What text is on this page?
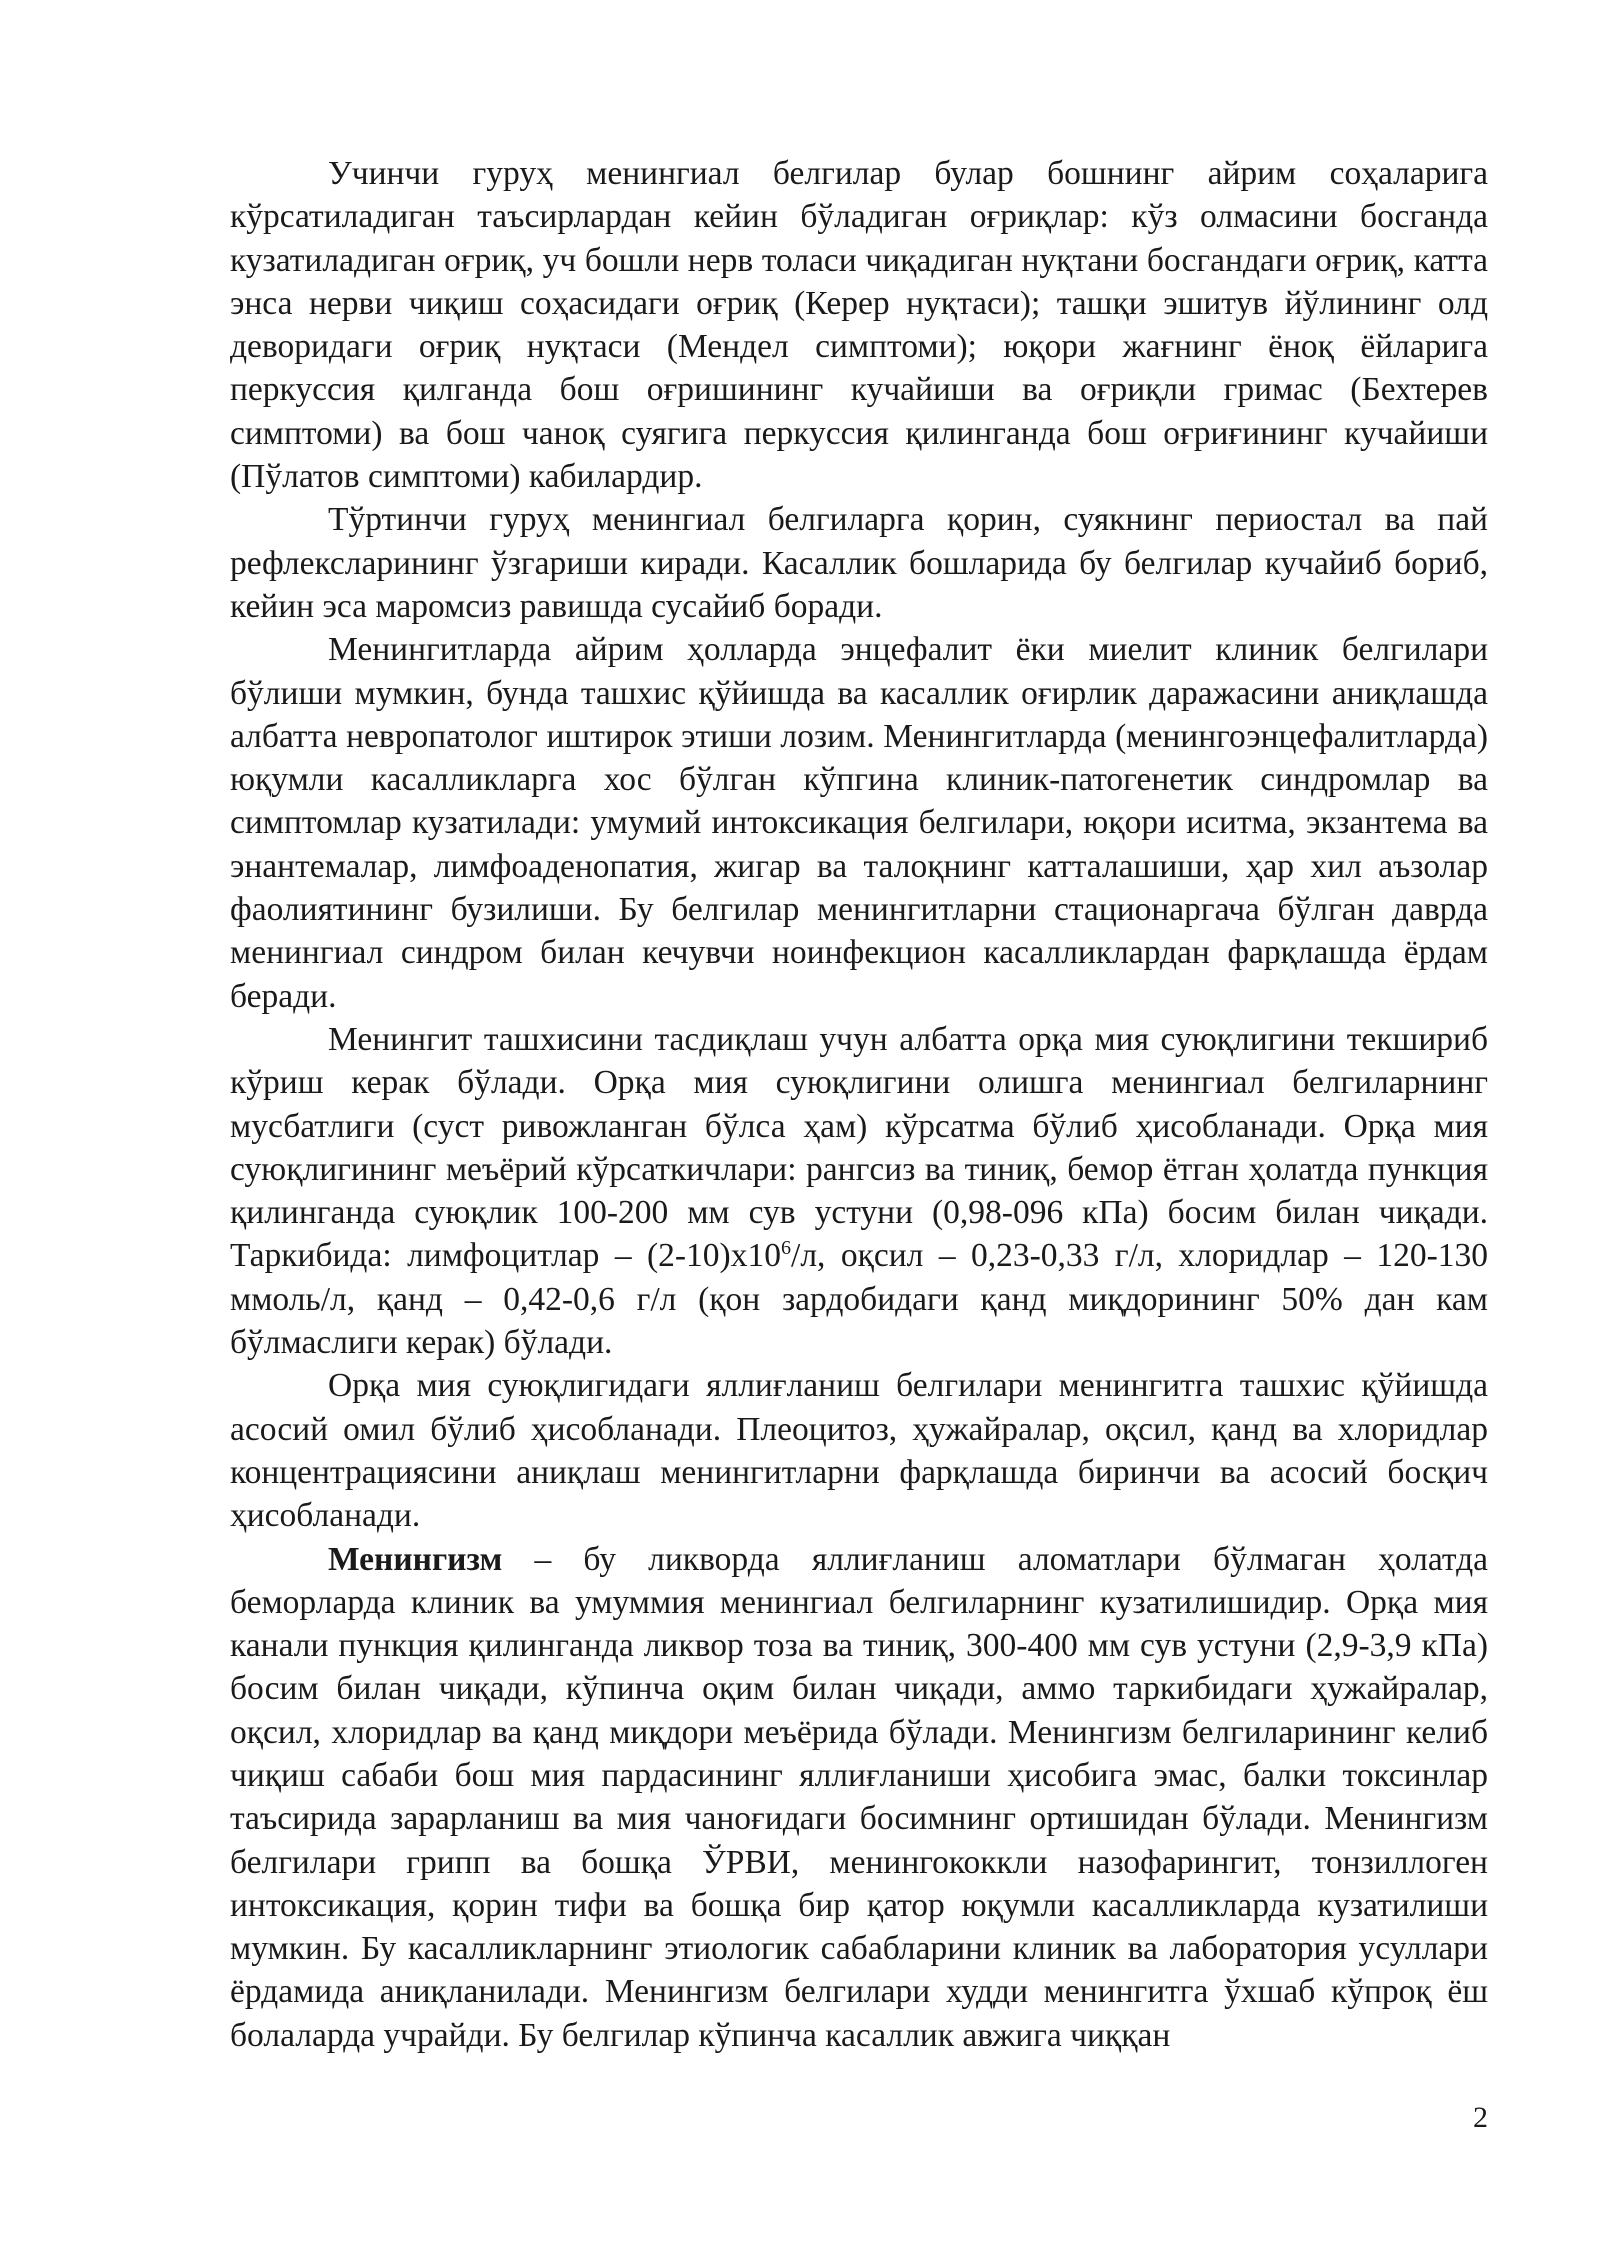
Учинчи гуруҳ менингиал белгилар булар бошнинг айрим соҳаларига кўрсатиладиган таъсирлардан кейин бўладиган оғриқлар: кўз олмасини босганда кузатиладиган оғриқ, уч бошли нерв толаси чиқадиган нуқтани босгандаги оғриқ, катта энса нерви чиқиш соҳасидаги оғриқ (Керер нуқтаси); ташқи эшитув йўлининг олд деворидаги оғриқ нуқтаси (Мендел симптоми); юқори жағнинг ёноқ ёйларига перкуссия қилганда бош оғришининг кучайиши ва оғриқли гримас (Бехтерев симптоми) ва бош чаноқ суягига перкуссия қилинганда бош оғриғининг кучайиши (Пўлатов симптоми) кабилардир.

Тўртинчи гуруҳ менингиал белгиларга қорин, суякнинг периостал ва пай рефлексларининг ўзгариши киради. Касаллик бошларида бу белгилар кучайиб бориб, кейин эса маромсиз равишда сусайиб боради.

Менингитларда айрим ҳолларда энцефалит ёки миелит клиник белгилари бўлиши мумкин, бунда ташхис қўйишда ва касаллик оғирлик даражасини аниқлашда албатта невропатолог иштирок этиши лозим. Менингитларда (менингоэнцефалитларда) юқумли касалликларга хос бўлган кўпгина клиник-патогенетик синдромлар ва симптомлар кузатилади: умумий интоксикация белгилари, юқори иситма, экзантема ва энантемалар, лимфоаденопатия, жигар ва талоқнинг катталашиши, ҳар хил аъзолар фаолиятининг бузилиши. Бу белгилар менингитларни стационаргача бўлган даврда менингиал синдром билан кечувчи ноинфекцион касалликлардан фарқлашда ёрдам беради.

Менингит ташхисини тасдиқлаш учун албатта орқа мия суюқлигини текшириб кўриш керак бўлади. Орқа мия суюқлигини олишга менингиал белгиларнинг мусбатлиги (суст ривожланган бўлса ҳам) кўрсатма бўлиб ҳисобланади. Орқа мия суюқлигининг меъёрий кўрсаткичлари: рангсиз ва тиниқ, бемор ётган ҳолатда пункция қилинганда суюқлик 100-200 мм сув устуни (0,98-096 кПа) босим билан чиқади. Таркибида: лимфоцитлар – $(2-10)x10^6/л$, оқсил – 0,23-0,33 г/л, хлоридлар – 120-130 ммоль/л, қанд – 0,42-0,6 г/л (қон зардобидаги қанд миқдорининг 50% дан кам бўлмаслиги керак) бўлади.

Орқа мия суюқлигидаги яллиғланиш белгилари менингитга ташхис қўйишда асосий омил бўлиб ҳисобланади. Плеоцитоз, ҳужайралар, оқсил, қанд ва хлоридлар концентрациясини аниқлаш менингитларни фарқлашда биринчи ва асосий босқич ҳисобланади.

Менингизм – бу ликворда яллиғланиш аломатлари бўлмаган ҳолатда беморларда клиник ва умуммия менингиал белгиларнинг кузатилишидир. Орқа мия канали пункция қилинганда ликвор тоза ва тиниқ, 300-400 мм сув устуни (2,9-3,9 кПа) босим билан чиқади, кўпинча оқим билан чиқади, аммо таркибидаги ҳужайралар, оқсил, хлоридлар ва қанд миқдори меъёрида бўлади. Менингизм белгиларининг келиб чиқиш сабаби бош мия пардасининг яллиғланиши ҳисобига эмас, балки токсинлар таъсирида зарарланиш ва мия чаноғидаги босимнинг ортишидан бўлади. Менингизм белгилари грипп ва бошқа ЎРВИ, менингококкли назофарингит, тонзиллоген интоксикация, қорин тифи ва бошқа бир қатор юқумли касалликларда кузатилиши мумкин. Бу касалликларнинг этиологик сабабларини клиник ва лаборатория усуллари ёрдамида аниқланилади. Менингизм белгилари худди менингитга ўхшаб кўпроқ ёш болаларда учрайди. Бу белгилар кўпинча касаллик авжига чиққан

2
